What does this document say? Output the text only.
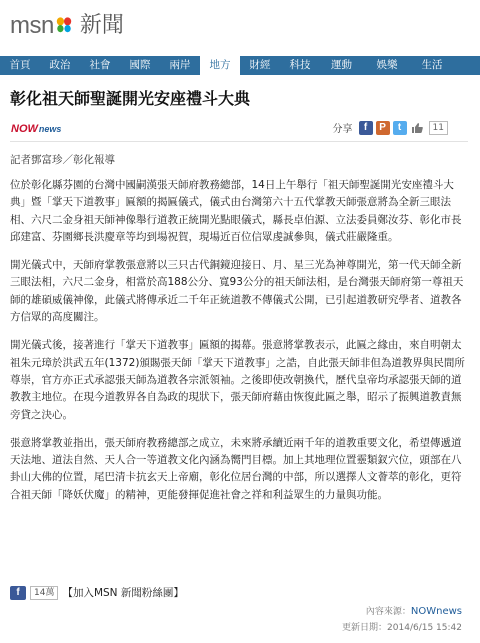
msn 新聞
首頁	政治	社會	國際	兩岸	地方	財經	科技	運動	娛樂	生活
彰化祖天師聖誕開光安座禮斗大典
NOW news	分享	f	P	t	11
記者鄧富珍／彰化報導

位於彰化縣芬園的台灣中國嗣漢張天師府教務總部，14日上午舉行「祖天師聖誕開光安座禮斗大典」暨「掌天下道教事」匾額的揭匾儀式，儀式由台灣第六十五代掌教天師張意將為全新三眼法相、六尺二金身祖天師神像舉行道教正統開光點眼儀式，縣長卓伯源、立法委員鄭汝芬、彰化市長邱建富、芬園鄉長洪慶章等均到場祝賀，現場近百位信眾虔誠參與，儀式莊嚴隆重。

開光儀式中，天師府掌教張意將以三只古代銅鏡迎接日、月、星三光為神尊開光，第一代天師全新三眼法相，六尺二金身，相當於高188公分、寬93公分的祖天師法相，是台灣張天師府第一尊祖天師的雄碩威儀神像，此儀式將傳承近二千年正統道教不傳儀式公開，已引起道教研究學者、道教各方信眾的高度關注。

開光儀式後，接著進行「掌天下道教事」匾額的揭幕。張意將掌教表示，此匾之緣由，來自明朝太祖朱元璋於洪武五年(1372)頒賜張天師「掌天下道教事」之誥，自此張天師非但為道教界與民間所尊崇，官方亦正式承認張天師為道教各宗派領袖。之後即使改朝換代，歷代皇帝均承認張天師的道教教主地位。在現今道教界各自為政的現狀下，張天師府藉由恢復此匾之舉，昭示了振興道教責無旁貸之決心。

張意將掌教並指出，張天師府教務總部之成立，未來將承續近兩千年的道教重要文化，希望傳遞道天法地、道法自然、天人合一等道教文化內涵為嚮門目標。加上其地理位置靈類釵穴位，頭部在八卦山大佛的位置，尾巴清卡抗玄天上帝廟，彰化位居台灣的中部，所以選擇人文薈萃的彰化，更符合祖天師「降妖伏魔」的精神，更能發揮促進社會之祥和利益眾生的力量與功能。

f	14萬 【加入MSN 新聞粉絲團】
內容來源：NOWnews
更新日期：2014/6/15 15:42
